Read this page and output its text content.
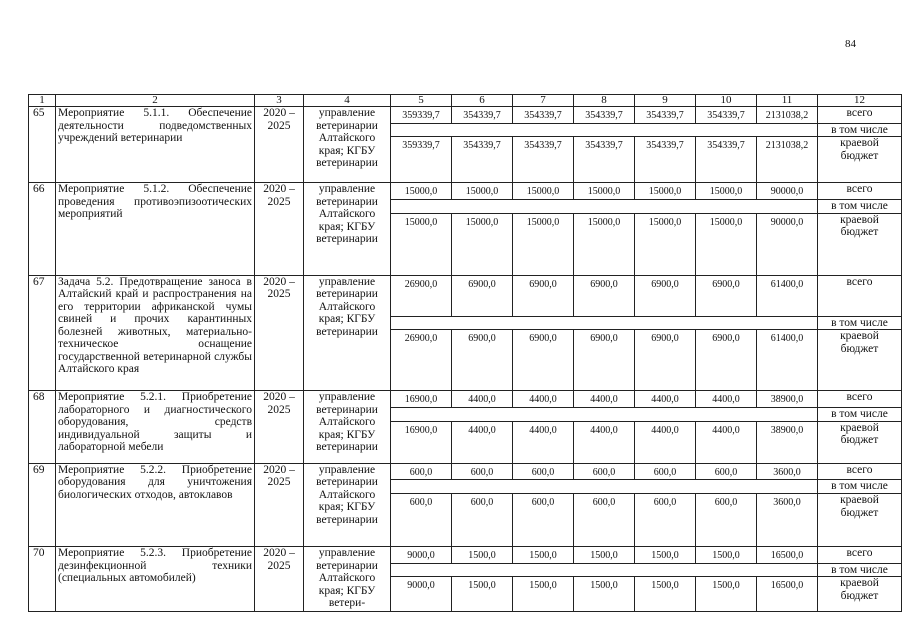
84
1	2	3	4	5	6	7	8	9	10	11	12
65	Мероприятие 5.1.1. Обеспечение деятельности подведомственных учреждений ветеринарии	2020 – 2025	управление ветеринарии Алтайского края; КГБУ ветеринарии	359339,7	354339,7	354339,7	354339,7	354339,7	354339,7	2131038,2	всего
											в том числе
				359339,7	354339,7	354339,7	354339,7	354339,7	354339,7	2131038,2	краевой бюджет
66	Мероприятие 5.1.2. Обеспечение проведения противоэпизоотических мероприятий	2020 – 2025	управление ветеринарии Алтайского края; КГБУ ветеринарии	15000,0	15000,0	15000,0	15000,0	15000,0	15000,0	90000,0	всего
											в том числе
				15000,0	15000,0	15000,0	15000,0	15000,0	15000,0	90000,0	краевой бюджет
67	Задача 5.2. Предотвращение заноса в Алтайский край и распространения на его территории африканской чумы свиней и прочих карантинных болезней животных, материально-техническое оснащение государственной ветеринарной службы Алтайского края	2020 – 2025	управление ветеринарии Алтайского края; КГБУ ветеринарии	26900,0	6900,0	6900,0	6900,0	6900,0	6900,0	61400,0	всего
											в том числе
				26900,0	6900,0	6900,0	6900,0	6900,0	6900,0	61400,0	краевой бюджет
68	Мероприятие 5.2.1. Приобретение лабораторного и диагностического оборудования, средств индивидуальной защиты и лабораторной мебели	2020 – 2025	управление ветеринарии Алтайского края; КГБУ ветеринарии	16900,0	4400,0	4400,0	4400,0	4400,0	4400,0	38900,0	всего
											в том числе
				16900,0	4400,0	4400,0	4400,0	4400,0	4400,0	38900,0	краевой бюджет
69	Мероприятие 5.2.2. Приобретение оборудования для уничтожения биологических отходов, автоклавов	2020 – 2025	управление ветеринарии Алтайского края; КГБУ ветеринарии	600,0	600,0	600,0	600,0	600,0	600,0	3600,0	всего
											в том числе
				600,0	600,0	600,0	600,0	600,0	600,0	3600,0	краевой бюджет
70	Мероприятие 5.2.3. Приобретение дезинфекционной техники (специальных автомобилей)	2020 – 2025	управление ветеринарии Алтайского края; КГБУ ветери-	9000,0	1500,0	1500,0	1500,0	1500,0	1500,0	16500,0	всего
											в том числе
				9000,0	1500,0	1500,0	1500,0	1500,0	1500,0	16500,0	краевой бюджет
